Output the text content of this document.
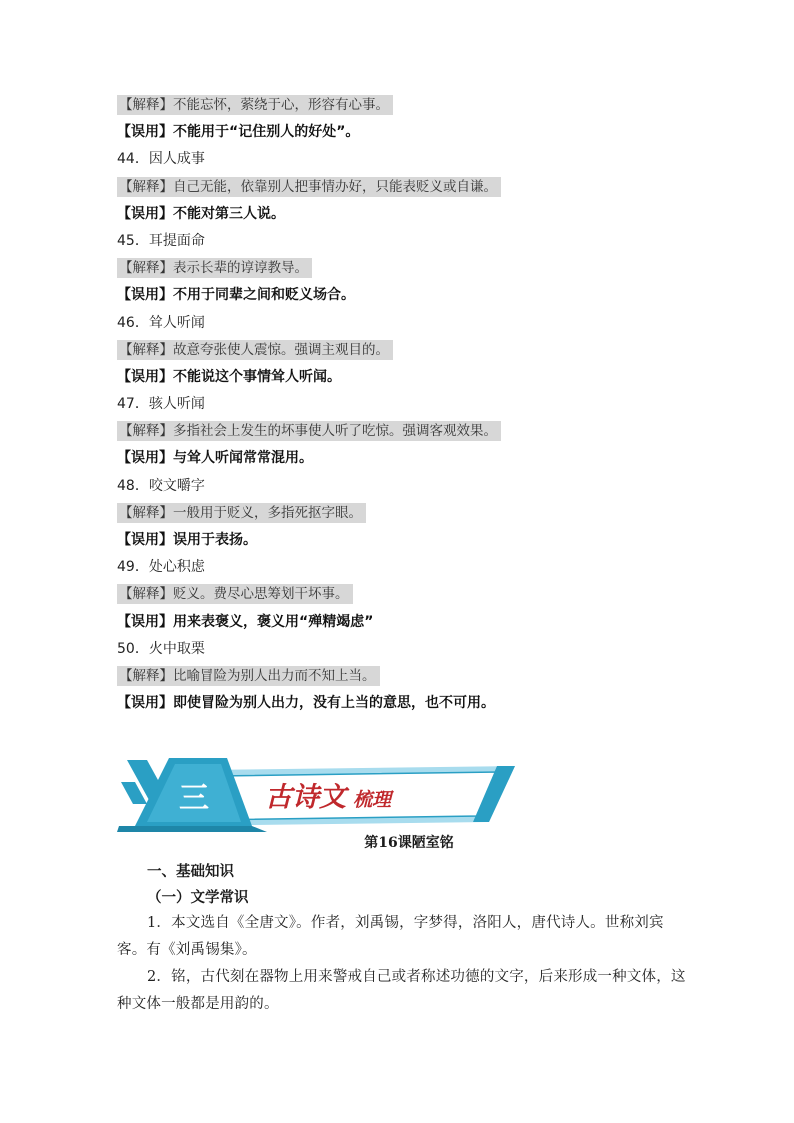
【解释】不能忘怀，萦绕于心，形容有心事。
【误用】不能用于“记住别人的好处”。
44．因人成事
【解释】自己无能，依靠别人把事情办好，只能表贬义或自谦。
【误用】不能对第三人说。
45．耳提面命
【解释】表示长辈的谆谆教导。
【误用】不用于同辈之间和贬义场合。
46．耸人听闻
【解释】故意夸张使人震惊。强调主观目的。
【误用】不能说这个事情耸人听闻。
47．骇人听闻
【解释】多指社会上发生的坏事使人听了吃惊。强调客观效果。
【误用】与耸人听闻常常混用。
48．咬文嚼字
【解释】一般用于贬义，多指死抠字眼。
【误用】误用于表扬。
49．处心积虑
【解释】贬义。费尽心思筹划干坏事。
【误用】用来表褒义，褒义用“殚精竭虑”
50．火中取栗
【解释】比喻冒险为别人出力而不知上当。
【误用】即使冒险为别人出力，没有上当的意思，也不可用。
三 古诗文 梳理
第16课陋室铭
一、基础知识
（一）文学常识
1．本文选自《全唐文》。作者，刘禹锡，字梦得，洛阳人，唐代诗人。世称刘宾客。有《刘禹锡集》。
2．铭，古代刻在器物上用来警戒自己或者称述功德的文字，后来形成一种文体，这种文体一般都是用韵的。
